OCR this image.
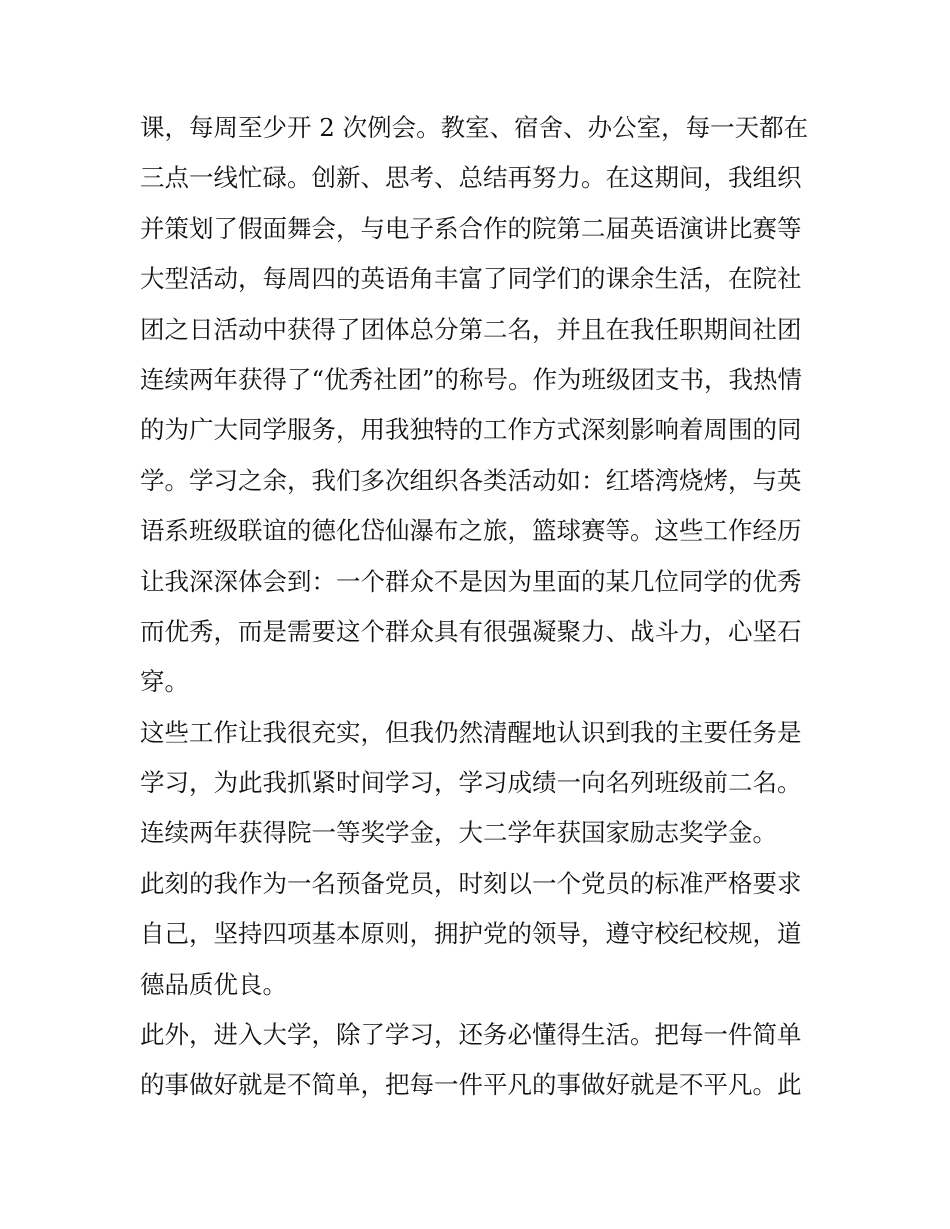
课，每周至少开 2 次例会。教室、宿舍、办公室，每一天都在
三点一线忙碌。创新、思考、总结再努力。在这期间，我组织
并策划了假面舞会，与电子系合作的院第二届英语演讲比赛等
大型活动，每周四的英语角丰富了同学们的课余生活，在院社
团之日活动中获得了团体总分第二名，并且在我任职期间社团
连续两年获得了“优秀社团”的称号。作为班级团支书，我热情
的为广大同学服务，用我独特的工作方式深刻影响着周围的同
学。学习之余，我们多次组织各类活动如：红塔湾烧烤，与英
语系班级联谊的德化岱仙瀑布之旅，篮球赛等。这些工作经历
让我深深体会到：一个群众不是因为里面的某几位同学的优秀
而优秀，而是需要这个群众具有很强凝聚力、战斗力，心坚石
穿。
这些工作让我很充实，但我仍然清醒地认识到我的主要任务是
学习，为此我抓紧时间学习，学习成绩一向名列班级前二名。
连续两年获得院一等奖学金，大二学年获国家励志奖学金。
此刻的我作为一名预备党员，时刻以一个党员的标准严格要求
自己，坚持四项基本原则，拥护党的领导，遵守校纪校规，道
德品质优良。
此外，进入大学，除了学习，还务必懂得生活。把每一件简单
的事做好就是不简单，把每一件平凡的事做好就是不平凡。此
